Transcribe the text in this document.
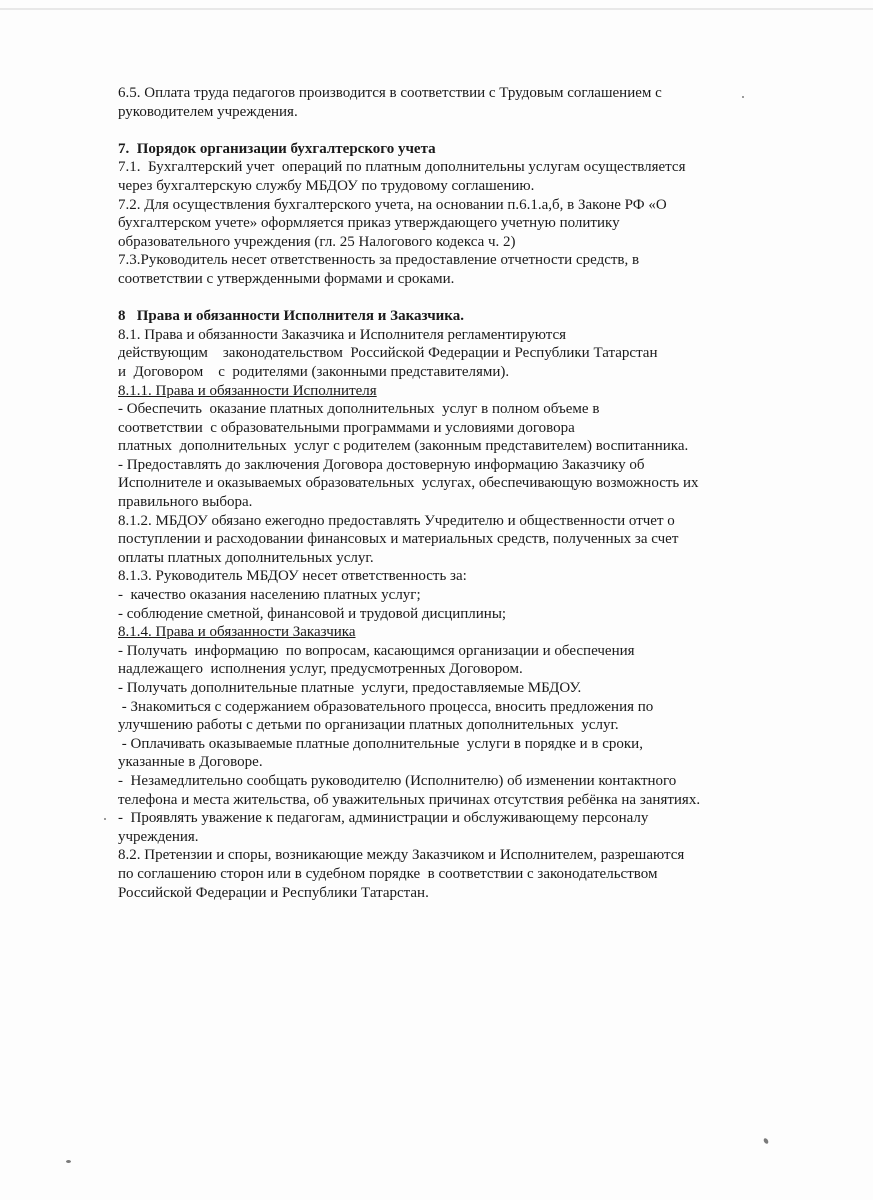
6.5. Оплата труда педагогов производится в соответствии с Трудовым соглашением с
руководителем учреждения.
7.  Порядок организации бухгалтерского учета
7.1.  Бухгалтерский учет  операций по платным дополнительны услугам осуществляется
через бухгалтерскую службу МБДОУ по трудовому соглашению.
7.2. Для осуществления бухгалтерского учета, на основании п.6.1.а,б, в Законе РФ «О
бухгалтерском учете» оформляется приказ утверждающего учетную политику
образовательного учреждения (гл. 25 Налогового кодекса ч. 2)
7.3.Руководитель несет ответственность за предоставление отчетности средств, в
соответствии с утвержденными формами и сроками.
8   Права и обязанности Исполнителя и Заказчика.
8.1. Права и обязанности Заказчика и Исполнителя регламентируются
действующим    законодательством  Российской Федерации и Республики Татарстан
и  Договором    с  родителями (законными представителями).
8.1.1. Права и обязанности Исполнителя
- Обеспечить  оказание платных дополнительных  услуг в полном объеме в
соответствии  с образовательными программами и условиями договора
платных  дополнительных  услуг с родителем (законным представителем) воспитанника.
- Предоставлять до заключения Договора достоверную информацию Заказчику об
Исполнителе и оказываемых образовательных  услугах, обеспечивающую возможность их
правильного выбора.
8.1.2. МБДОУ обязано ежегодно предоставлять Учредителю и общественности отчет о
поступлении и расходовании финансовых и материальных средств, полученных за счет
оплаты платных дополнительных услуг.
8.1.3. Руководитель МБДОУ несет ответственность за:
-  качество оказания населению платных услуг;
- соблюдение сметной, финансовой и трудовой дисциплины;
8.1.4. Права и обязанности Заказчика
- Получать  информацию  по вопросам, касающимся организации и обеспечения
надлежащего  исполнения услуг, предусмотренных Договором.
- Получать дополнительные платные  услуги, предоставляемые МБДОУ.
- Знакомиться с содержанием образовательного процесса, вносить предложения по
улучшению работы с детьми по организации платных дополнительных  услуг.
- Оплачивать оказываемые платные дополнительные  услуги в порядке и в сроки,
указанные в Договоре.
-  Незамедлительно сообщать руководителю (Исполнителю) об изменении контактного
телефона и места жительства, об уважительных причинах отсутствия ребёнка на занятиях.
-  Проявлять уважение к педагогам, администрации и обслуживающему персоналу
учреждения.
8.2. Претензии и споры, возникающие между Заказчиком и Исполнителем, разрешаются
по соглашению сторон или в судебном порядке  в соответствии с законодательством
Российской Федерации и Республики Татарстан.
